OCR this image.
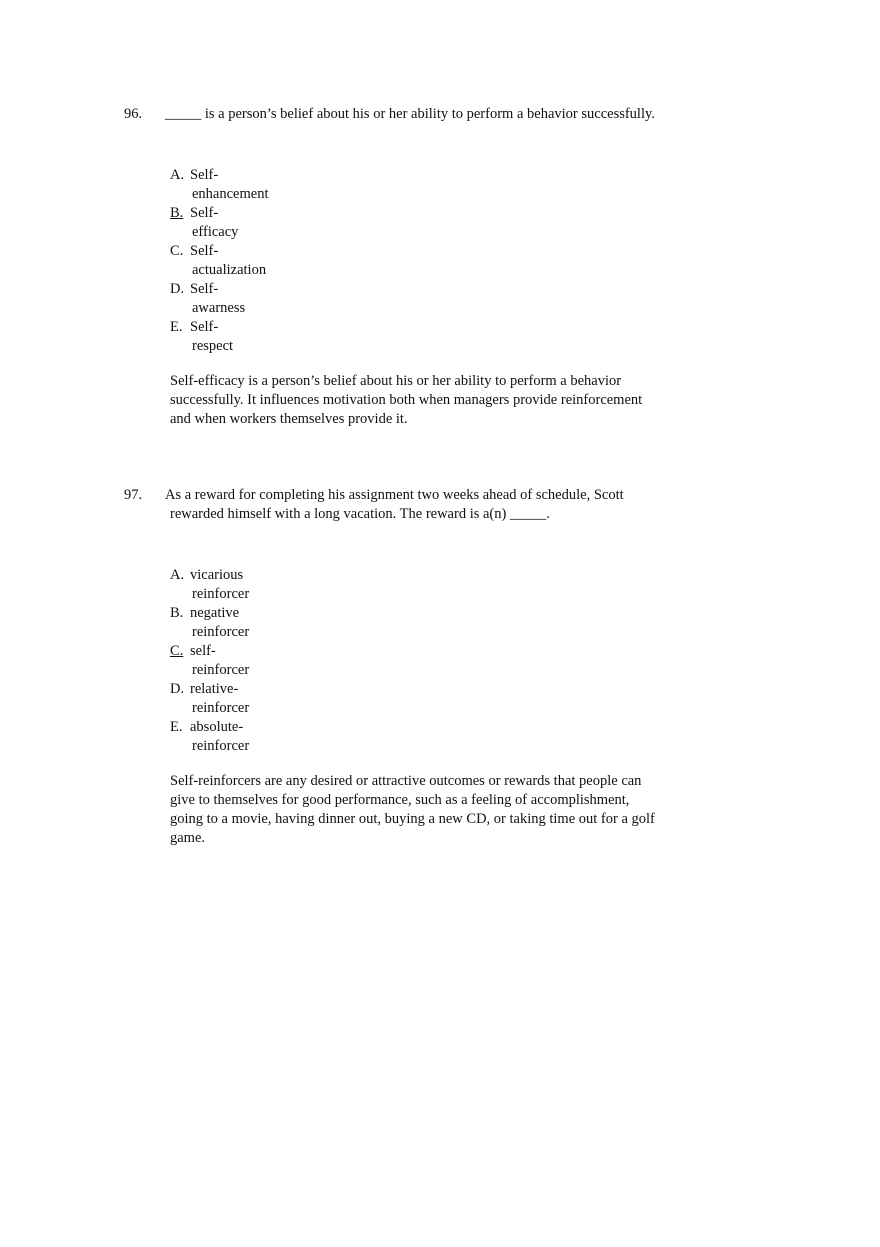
96. _____ is a person’s belief about his or her ability to perform a behavior successfully.
A. Self-
enhancement
B. Self-
efficacy
C. Self-
actualization
D. Self-
awarness
E. Self-
respect
Self-efficacy is a person’s belief about his or her ability to perform a behavior
successfully. It influences motivation both when managers provide reinforcement
and when workers themselves provide it.
97. As a reward for completing his assignment two weeks ahead of schedule, Scott
rewarded himself with a long vacation. The reward is a(n) _____.
A. vicarious
reinforcer
B. negative
reinforcer
C. self-
reinforcer
D. relative-
reinforcer
E. absolute-
reinforcer
Self-reinforcers are any desired or attractive outcomes or rewards that people can
give to themselves for good performance, such as a feeling of accomplishment,
going to a movie, having dinner out, buying a new CD, or taking time out for a golf
game.
